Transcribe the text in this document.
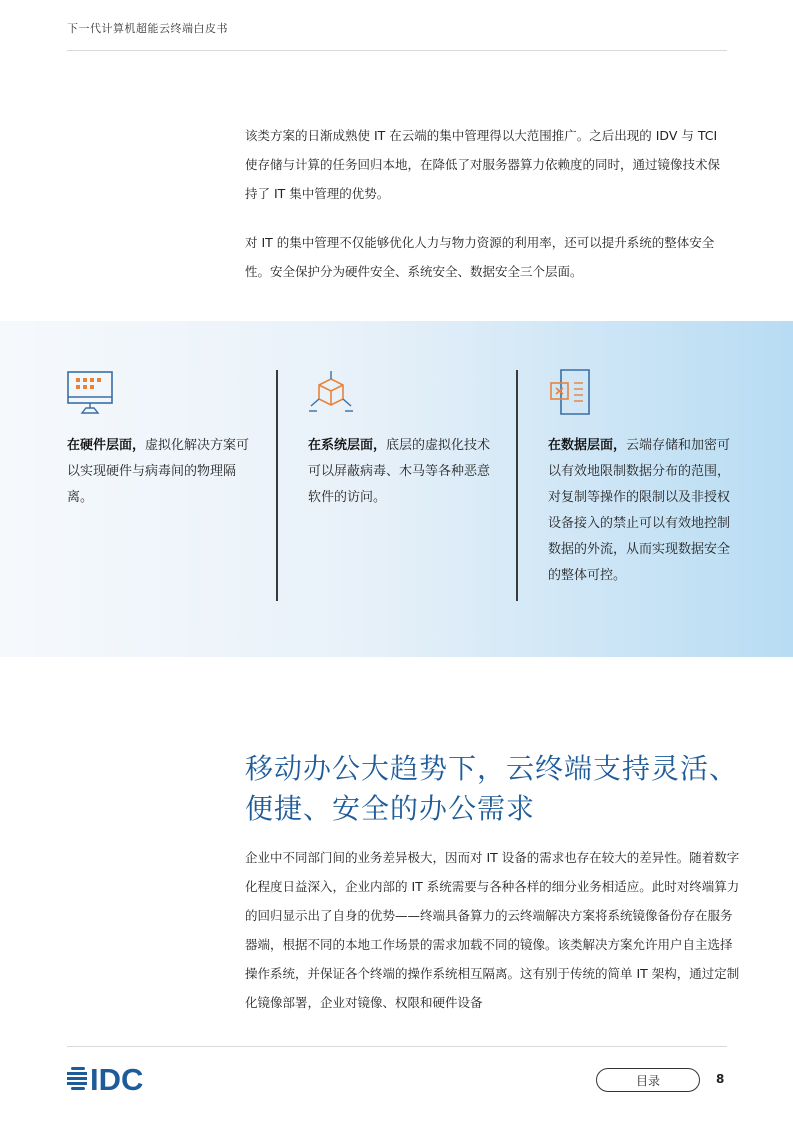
下一代计算机超能云终端白皮书

该类方案的日渐成熟使 IT 在云端的集中管理得以大范围推广。之后出现的 IDV 与 TCI 使存储与计算的任务回归本地，在降低了对服务器算力依赖度的同时，通过镜像技术保持了 IT 集中管理的优势。

对 IT 的集中管理不仅能够优化人力与物力资源的利用率，还可以提升系统的整体安全性。安全保护分为硬件安全、系统安全、数据安全三个层面。

在硬件层面，虚拟化解决方案可以实现硬件与病毒间的物理隔离。
在系统层面，底层的虚拟化技术可以屏蔽病毒、木马等各种恶意软件的访问。
在数据层面，云端存储和加密可以有效地限制数据分布的范围，对复制等操作的限制以及非授权设备接入的禁止可以有效地控制数据的外流，从而实现数据安全的整体可控。
移动办公大趋势下，云终端支持灵活、便捷、安全的办公需求

企业中不同部门间的业务差异极大，因而对 IT 设备的需求也存在较大的差异性。随着数字化程度日益深入，企业内部的 IT 系统需要与各种各样的细分业务相适应。此时对终端算力的回归显示出了自身的优势——终端具备算力的云终端解决方案将系统镜像备份存在服务器端，根据不同的本地工作场景的需求加载不同的镜像。该类解决方案允许用户自主选择操作系统，并保证各个终端的操作系统相互隔离。这有别于传统的简单 IT 架构，通过定制化镜像部署，企业对镜像、权限和硬件设备

IDC	目录	8
